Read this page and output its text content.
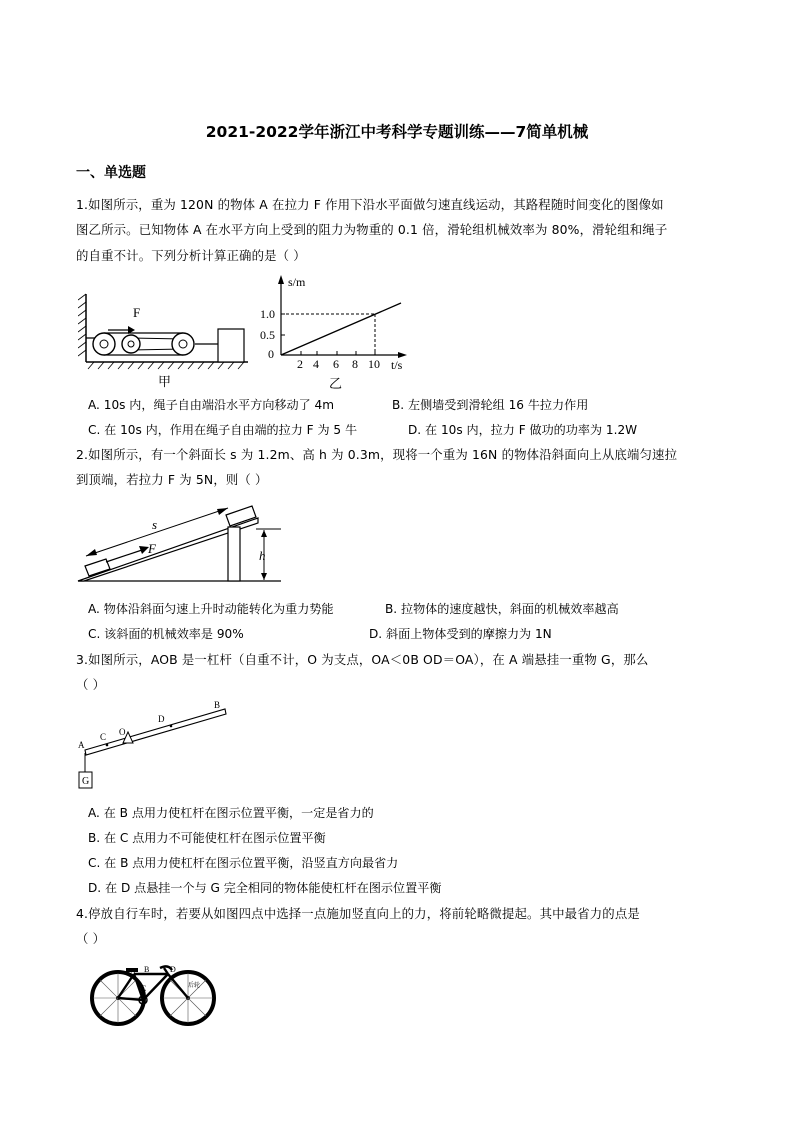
2021-2022学年浙江中考科学专题训练——7简单机械
一、单选题
1.如图所示，重为 120N 的物体 A 在拉力 F 作用下沿水平面做匀速直线运动，其路程随时间变化的图像如
图乙所示。已知物体 A 在水平方向上受到的阻力为物重的 0.1 倍，滑轮组机械效率为 80%，滑轮组和绳子
的自重不计。下列分析计算正确的是（ ）
F
甲
s/m
t/s
1.0
0.5
0
2 4 6 8 10
乙
A. 10s 内，绳子自由端沿水平方向移动了 4m	B. 左侧墙受到滑轮组 16 牛拉力作用
C. 在 10s 内，作用在绳子自由端的拉力 F 为 5 牛	D. 在 10s 内，拉力 F 做功的功率为 1.2W
2.如图所示，有一个斜面长 s 为 1.2m、高 h 为 0.3m，现将一个重为 16N 的物体沿斜面向上从底端匀速拉
到顶端，若拉力 F 为 5N，则（ ）
s
F	h
A. 物体沿斜面匀速上升时动能转化为重力势能	B. 拉物体的速度越快，斜面的机械效率越高
C. 该斜面的机械效率是 90%	D. 斜面上物体受到的摩擦力为 1N
3.如图所示，AOB 是一杠杆（自重不计，O 为支点，OA＜0B OD＝OA），在 A 端悬挂一重物 G，那么
（ ）
G
A
C O
D
B
A. 在 B 点用力使杠杆在图示位置平衡，一定是省力的
B. 在 C 点用力不可能使杠杆在图示位置平衡
C. 在 B 点用力使杠杆在图示位置平衡，沿竖直方向最省力
D. 在 D 点悬挂一个与 G 完全相同的物体能使杠杆在图示位置平衡
4.停放自行车时，若要从如图四点中选择一点施加竖直向上的力，将前轮略微提起。其中最省力的点是
（ ）
A B
C
D
后轮
